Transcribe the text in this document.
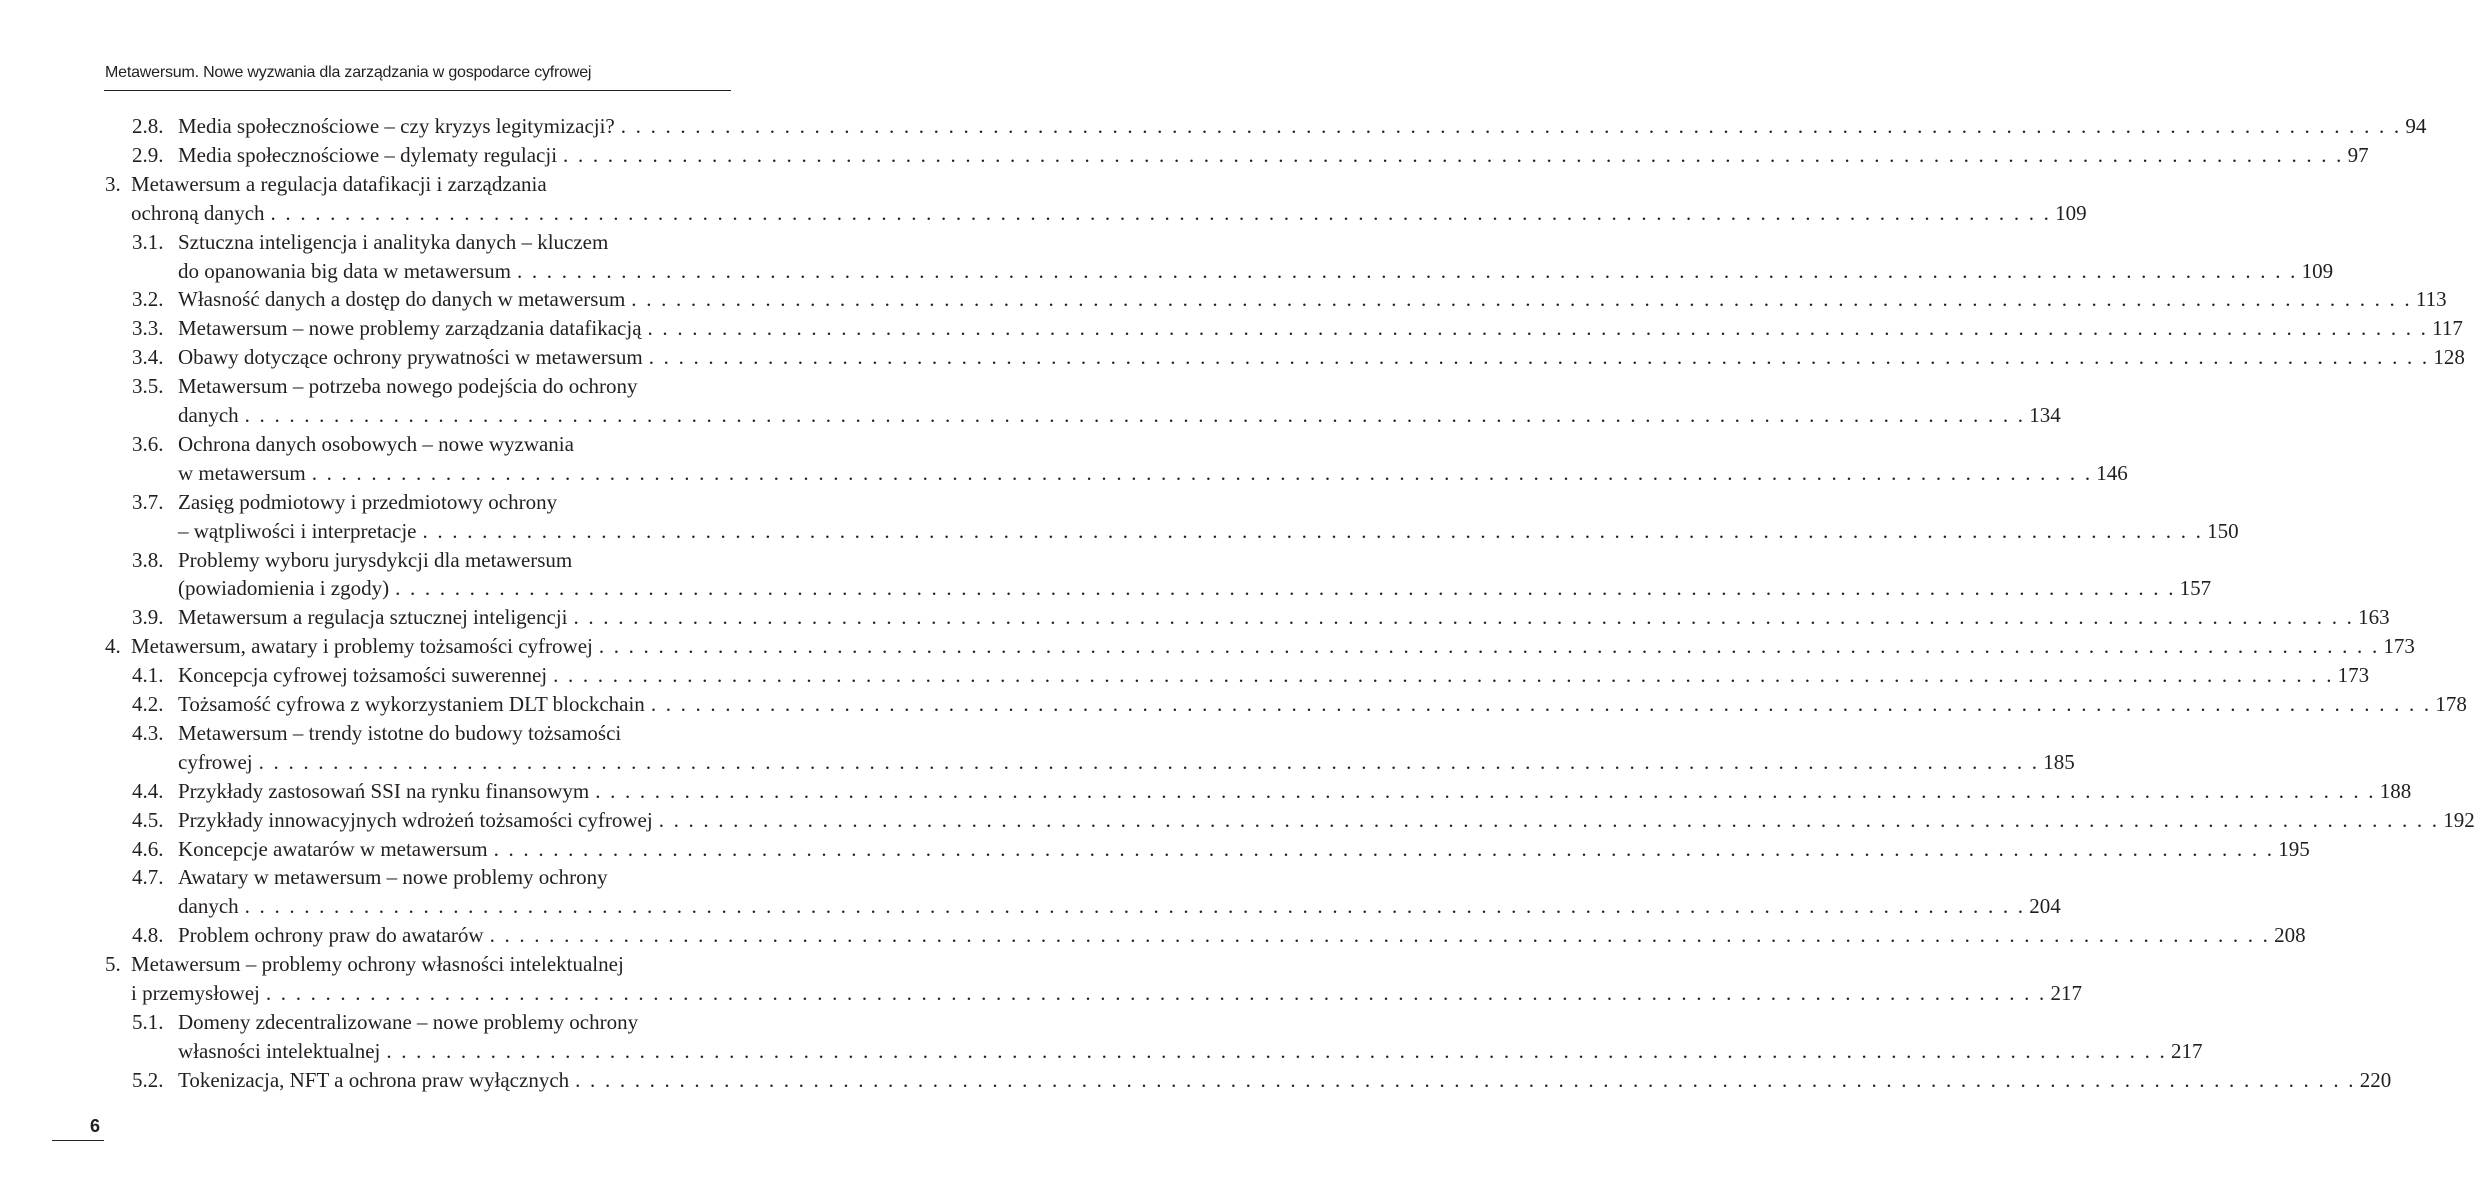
Metawersum. Nowe wyzwania dla zarządzania w gospodarce cyfrowej
2.8. Media społecznościowe – czy kryzys legitymizacji? . . . . . . . . . . . . . . . . . . . . . . . . . . . . . . . . . . . . . . . . . . . . . . . . . . . . . . . . . . . . . . . . . . . . . . . . . . . . . . . . . . . . . . . . . . . . . . . . . . . . . . . . . . . . . . . . . . . . . . . . 94
2.9. Media społecznościowe – dylematy regulacji . . . . . . . . . . . . . . . . . . . . . . . . . . . . . . . . . . . . . . . . . . . . . . . . . . . . . . . . . . . . . . . . . . . . . . . . . . . . . . . . . . . . . . . . . . . . . . . . . . . . . . . . . . . . . . . . . . . . . . . . 97
3. Metawersum a regulacja datafikacji i zarządzania
ochroną danych . . . . . . . . . . . . . . . . . . . . . . . . . . . . . . . . . . . . . . . . . . . . . . . . . . . . . . . . . . . . . . . . . . . . . . . . . . . . . . . . . . . . . . . . . . . . . . . . . . . . . . . . . . . . . . . . . . . . . . . . 109
3.1. Sztuczna inteligencja i analityka danych – kluczem
do opanowania big data w metawersum . . . . . . . . . . . . . . . . . . . . . . . . . . . . . . . . . . . . . . . . . . . . . . . . . . . . . . . . . . . . . . . . . . . . . . . . . . . . . . . . . . . . . . . . . . . . . . . . . . . . . . . . . . . . . . . . . . . . . . . . 109
3.2. Własność danych a dostęp do danych w metawersum . . . . . . . . . . . . . . . . . . . . . . . . . . . . . . . . . . . . . . . . . . . . . . . . . . . . . . . . . . . . . . . . . . . . . . . . . . . . . . . . . . . . . . . . . . . . . . . . . . . . . . . . . . . . . . . . . . . . . . . . 113
3.3. Metawersum – nowe problemy zarządzania datafikacją . . . . . . . . . . . . . . . . . . . . . . . . . . . . . . . . . . . . . . . . . . . . . . . . . . . . . . . . . . . . . . . . . . . . . . . . . . . . . . . . . . . . . . . . . . . . . . . . . . . . . . . . . . . . . . . . . . . . . . . . 117
3.4. Obawy dotyczące ochrony prywatności w metawersum . . . . . . . . . . . . . . . . . . . . . . . . . . . . . . . . . . . . . . . . . . . . . . . . . . . . . . . . . . . . . . . . . . . . . . . . . . . . . . . . . . . . . . . . . . . . . . . . . . . . . . . . . . . . . . . . . . . . . . . . 128
3.5. Metawersum – potrzeba nowego podejścia do ochrony
danych . . . . . . . . . . . . . . . . . . . . . . . . . . . . . . . . . . . . . . . . . . . . . . . . . . . . . . . . . . . . . . . . . . . . . . . . . . . . . . . . . . . . . . . . . . . . . . . . . . . . . . . . . . . . . . . . . . . . . . . . 134
3.6. Ochrona danych osobowych – nowe wyzwania
w metawersum . . . . . . . . . . . . . . . . . . . . . . . . . . . . . . . . . . . . . . . . . . . . . . . . . . . . . . . . . . . . . . . . . . . . . . . . . . . . . . . . . . . . . . . . . . . . . . . . . . . . . . . . . . . . . . . . . . . . . . . . 146
3.7. Zasięg podmiotowy i przedmiotowy ochrony
– wątpliwości i interpretacje . . . . . . . . . . . . . . . . . . . . . . . . . . . . . . . . . . . . . . . . . . . . . . . . . . . . . . . . . . . . . . . . . . . . . . . . . . . . . . . . . . . . . . . . . . . . . . . . . . . . . . . . . . . . . . . . . . . . . . . . 150
3.8. Problemy wyboru jurysdykcji dla metawersum
(powiadomienia i zgody) . . . . . . . . . . . . . . . . . . . . . . . . . . . . . . . . . . . . . . . . . . . . . . . . . . . . . . . . . . . . . . . . . . . . . . . . . . . . . . . . . . . . . . . . . . . . . . . . . . . . . . . . . . . . . . . . . . . . . . . . 157
3.9. Metawersum a regulacja sztucznej inteligencji . . . . . . . . . . . . . . . . . . . . . . . . . . . . . . . . . . . . . . . . . . . . . . . . . . . . . . . . . . . . . . . . . . . . . . . . . . . . . . . . . . . . . . . . . . . . . . . . . . . . . . . . . . . . . . . . . . . . . . . . 163
4. Metawersum, awatary i problemy tożsamości cyfrowej . . . . . . . . . . . . . . . . . . . . . . . . . . . . . . . . . . . . . . . . . . . . . . . . . . . . . . . . . . . . . . . . . . . . . . . . . . . . . . . . . . . . . . . . . . . . . . . . . . . . . . . . . . . . . . . . . . . . . . . . 173
4.1. Koncepcja cyfrowej tożsamości suwerennej . . . . . . . . . . . . . . . . . . . . . . . . . . . . . . . . . . . . . . . . . . . . . . . . . . . . . . . . . . . . . . . . . . . . . . . . . . . . . . . . . . . . . . . . . . . . . . . . . . . . . . . . . . . . . . . . . . . . . . . . 173
4.2. Tożsamość cyfrowa z wykorzystaniem DLT blockchain . . . . . . . . . . . . . . . . . . . . . . . . . . . . . . . . . . . . . . . . . . . . . . . . . . . . . . . . . . . . . . . . . . . . . . . . . . . . . . . . . . . . . . . . . . . . . . . . . . . . . . . . . . . . . . . . . . . . . . . . 178
4.3. Metawersum – trendy istotne do budowy tożsamości
cyfrowej . . . . . . . . . . . . . . . . . . . . . . . . . . . . . . . . . . . . . . . . . . . . . . . . . . . . . . . . . . . . . . . . . . . . . . . . . . . . . . . . . . . . . . . . . . . . . . . . . . . . . . . . . . . . . . . . . . . . . . . . 185
4.4. Przykłady zastosowań SSI na rynku finansowym . . . . . . . . . . . . . . . . . . . . . . . . . . . . . . . . . . . . . . . . . . . . . . . . . . . . . . . . . . . . . . . . . . . . . . . . . . . . . . . . . . . . . . . . . . . . . . . . . . . . . . . . . . . . . . . . . . . . . . . . 188
4.5. Przykłady innowacyjnych wdrożeń tożsamości cyfrowej . . . . . . . . . . . . . . . . . . . . . . . . . . . . . . . . . . . . . . . . . . . . . . . . . . . . . . . . . . . . . . . . . . . . . . . . . . . . . . . . . . . . . . . . . . . . . . . . . . . . . . . . . . . . . . . . . . . . . . . . 192
4.6. Koncepcje awatarów w metawersum . . . . . . . . . . . . . . . . . . . . . . . . . . . . . . . . . . . . . . . . . . . . . . . . . . . . . . . . . . . . . . . . . . . . . . . . . . . . . . . . . . . . . . . . . . . . . . . . . . . . . . . . . . . . . . . . . . . . . . . . 195
4.7. Awatary w metawersum – nowe problemy ochrony
danych . . . . . . . . . . . . . . . . . . . . . . . . . . . . . . . . . . . . . . . . . . . . . . . . . . . . . . . . . . . . . . . . . . . . . . . . . . . . . . . . . . . . . . . . . . . . . . . . . . . . . . . . . . . . . . . . . . . . . . . . 204
4.8. Problem ochrony praw do awatarów . . . . . . . . . . . . . . . . . . . . . . . . . . . . . . . . . . . . . . . . . . . . . . . . . . . . . . . . . . . . . . . . . . . . . . . . . . . . . . . . . . . . . . . . . . . . . . . . . . . . . . . . . . . . . . . . . . . . . . . . 208
5. Metawersum – problemy ochrony własności intelektualnej
i przemysłowej . . . . . . . . . . . . . . . . . . . . . . . . . . . . . . . . . . . . . . . . . . . . . . . . . . . . . . . . . . . . . . . . . . . . . . . . . . . . . . . . . . . . . . . . . . . . . . . . . . . . . . . . . . . . . . . . . . . . . . . . 217
5.1. Domeny zdecentralizowane – nowe problemy ochrony
własności intelektualnej . . . . . . . . . . . . . . . . . . . . . . . . . . . . . . . . . . . . . . . . . . . . . . . . . . . . . . . . . . . . . . . . . . . . . . . . . . . . . . . . . . . . . . . . . . . . . . . . . . . . . . . . . . . . . . . . . . . . . . . . 217
5.2. Tokenizacja, NFT a ochrona praw wyłącznych . . . . . . . . . . . . . . . . . . . . . . . . . . . . . . . . . . . . . . . . . . . . . . . . . . . . . . . . . . . . . . . . . . . . . . . . . . . . . . . . . . . . . . . . . . . . . . . . . . . . . . . . . . . . . . . . . . . . . . . . 220
6
